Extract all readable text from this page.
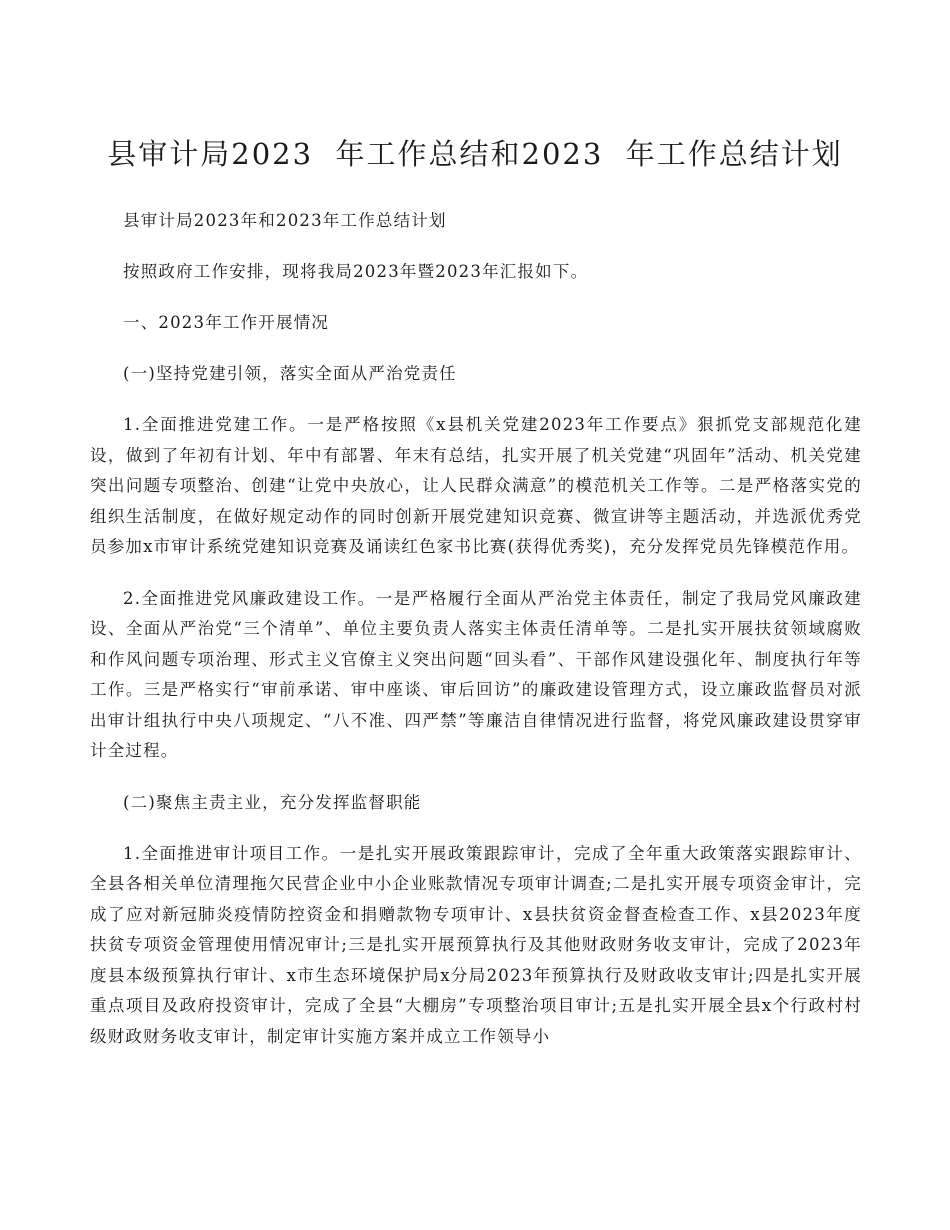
县审计局2023  年工作总结和2023  年工作总结计划

县审计局2023年和2023年工作总结计划

按照政府工作安排，现将我局2023年暨2023年汇报如下。

一、2023年工作开展情况

(一)坚持党建引领，落实全面从严治党责任

1.全面推进党建工作。一是严格按照《x县机关党建2023年工作要点》狠抓党支部规范化建设，做到了年初有计划、年中有部署、年末有总结，扎实开展了机关党建“巩固年”活动、机关党建突出问题专项整治、创建“让党中央放心，让人民群众满意”的模范机关工作等。二是严格落实党的组织生活制度，在做好规定动作的同时创新开展党建知识竞赛、微宣讲等主题活动，并选派优秀党员参加x市审计系统党建知识竞赛及诵读红色家书比赛(获得优秀奖)，充分发挥党员先锋模范作用。

2.全面推进党风廉政建设工作。一是严格履行全面从严治党主体责任，制定了我局党风廉政建设、全面从严治党“三个清单”、单位主要负责人落实主体责任清单等。二是扎实开展扶贫领域腐败和作风问题专项治理、形式主义官僚主义突出问题“回头看”、干部作风建设强化年、制度执行年等工作。三是严格实行“审前承诺、审中座谈、审后回访”的廉政建设管理方式，设立廉政监督员对派出审计组执行中央八项规定、“八不准、四严禁”等廉洁自律情况进行监督，将党风廉政建设贯穿审计全过程。

(二)聚焦主责主业，充分发挥监督职能

1.全面推进审计项目工作。一是扎实开展政策跟踪审计，完成了全年重大政策落实跟踪审计、全县各相关单位清理拖欠民营企业中小企业账款情况专项审计调查;二是扎实开展专项资金审计，完成了应对新冠肺炎疫情防控资金和捐赠款物专项审计、x县扶贫资金督查检查工作、x县2023年度扶贫专项资金管理使用情况审计;三是扎实开展预算执行及其他财政财务收支审计，完成了2023年度县本级预算执行审计、x市生态环境保护局x分局2023年预算执行及财政收支审计;四是扎实开展重点项目及政府投资审计，完成了全县“大棚房”专项整治项目审计;五是扎实开展全县x个行政村村级财政财务收支审计，制定审计实施方案并成立工作领导小
